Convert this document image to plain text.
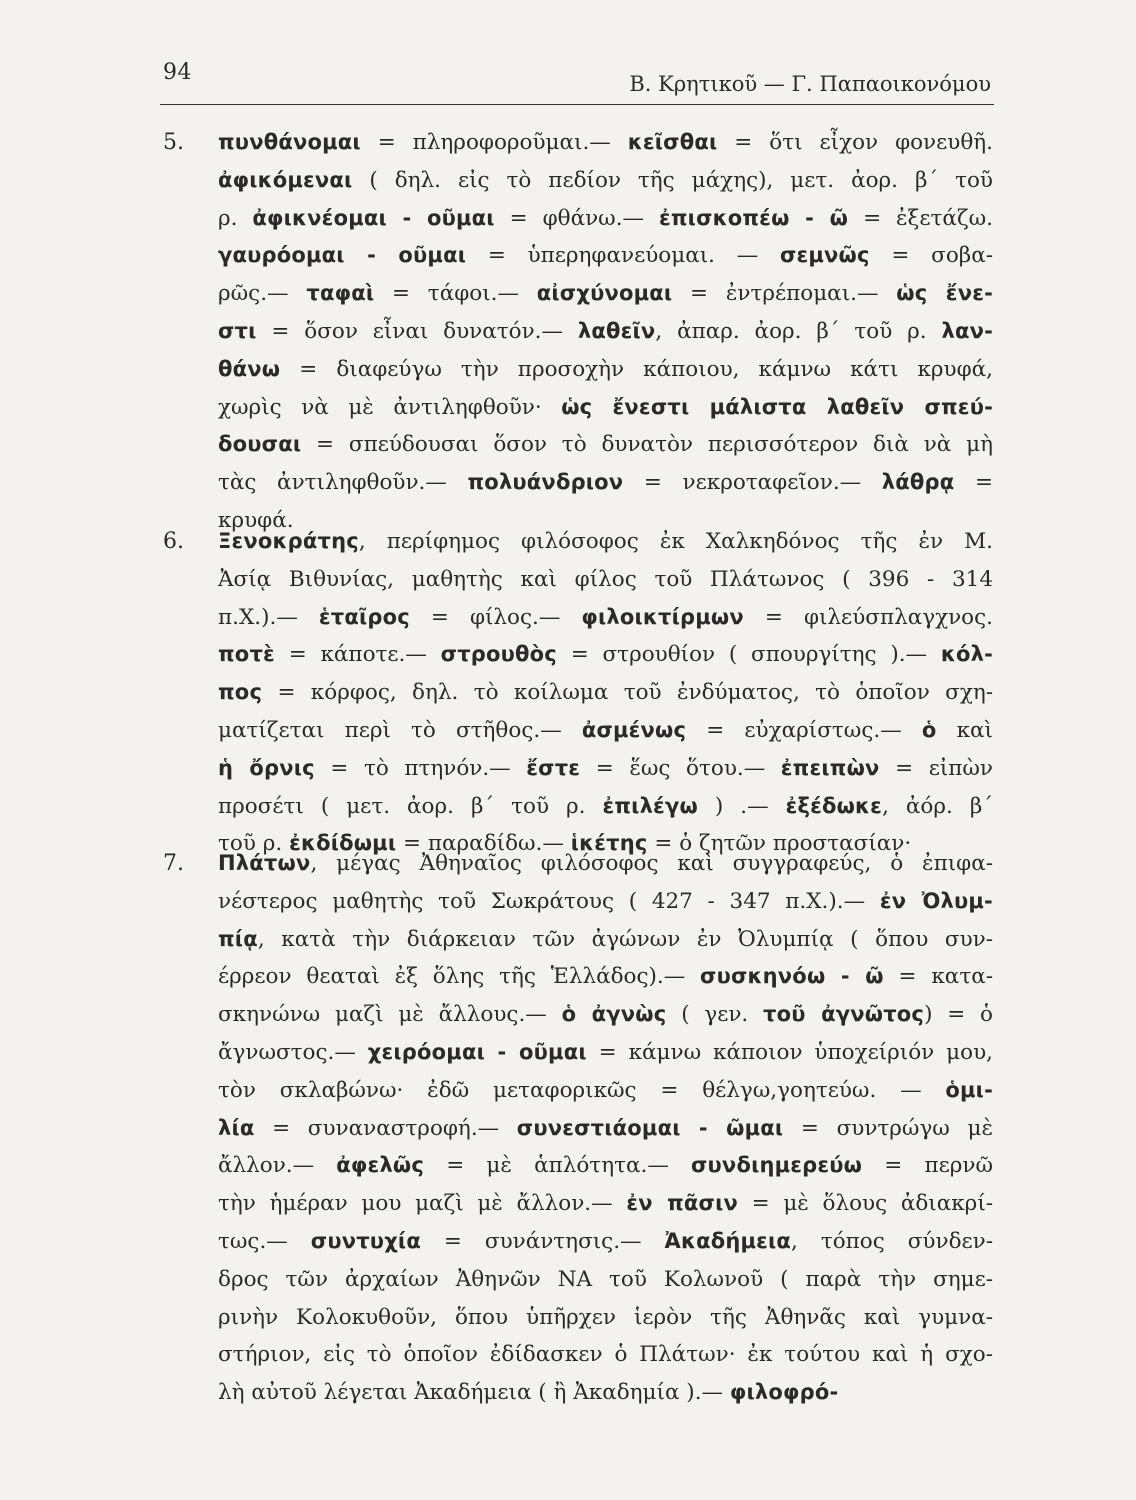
94	Β. Κρητικοῦ — Γ. Παπαοικονόμου
5. πυνθάνομαι = πληροφοροῦμαι.— κεῖσθαι = ὅτι εἶχον φονευθῆ.
ἀφικόμεναι ( δηλ. εἰς τὸ πεδίον τῆς μάχης), μετ. ἀορ. β΄ τοῦ
ρ. ἀφικνέομαι - οῦμαι = φθάνω.— ἐπισκοπέω - ῶ = ἐξετάζω.
γαυρόομαι - οῦμαι = ὑπερηφανεύομαι. — σεμνῶς = σοβα-
ρῶς.— ταφαὶ = τάφοι.— αἰσχύνομαι = ἐντρέπομαι.— ὡς ἔνε-
στι = ὅσον εἶναι δυνατόν.— λαθεῖν, ἀπαρ. ἀορ. β΄ τοῦ ρ. λαν-
θάνω = διαφεύγω τὴν προσοχὴν κάποιου, κάμνω κάτι κρυφά,
χωρὶς νὰ μὲ ἀντιληφθοῦν· ὡς ἔνεστι μάλιστα λαθεῖν σπεύ-
δουσαι = σπεύδουσαι ὅσον τὸ δυνατὸν περισσότερον διὰ νὰ μὴ
τὰς ἀντιληφθοῦν.— πολυάνδριον = νεκροταφεῖον.— λάθρᾳ =
κρυφά.
6. Ξενοκράτης, περίφημος φιλόσοφος ἐκ Χαλκηδόνος τῆς ἐν Μ.
Ἀσίᾳ Βιθυνίας, μαθητὴς καὶ φίλος τοῦ Πλάτωνος ( 396 - 314
π.Χ.).— ἑταῖρος = φίλος.— φιλοικτίρμων = φιλεύσπλαγχνος.
ποτὲ = κάποτε.— στρουθὸς = στρουθίον ( σπουργίτης ).— κόλ-
πος = κόρφος, δηλ. τὸ κοίλωμα τοῦ ἐνδύματος, τὸ ὁποῖον σχη-
ματίζεται περὶ τὸ στῆθος.— ἀσμένως = εὐχαρίστως.— ὁ καὶ
ἡ ὄρνις = τὸ πτηνόν.— ἔστε = ἕως ὅτου.— ἐπειπὼν = εἰπὼν
προσέτι ( μετ. ἀορ. β΄ τοῦ ρ. ἐπιλέγω ) .— ἐξέδωκε, ἀόρ. β΄
τοῦ ρ. ἐκδίδωμι = παραδίδω.— ἱκέτης = ὁ ζητῶν προστασίαν·
7. Πλάτων, μέγας Ἀθηναῖος φιλόσοφος καὶ συγγραφεύς, ὁ ἐπιφα-
νέστερος μαθητὴς τοῦ Σωκράτους ( 427 - 347 π.Χ.).— ἐν Ὀλυμ-
πίᾳ, κατὰ τὴν διάρκειαν τῶν ἀγώνων ἐν Ὀλυμπίᾳ ( ὅπου συν-
έρρεον θεαταὶ ἐξ ὅλης τῆς Ἑλλάδος).— συσκηνόω - ῶ = κατα-
σκηνώνω μαζὶ μὲ ἄλλους.— ὁ ἀγνὼς ( γεν. τοῦ ἀγνῶτος) = ὁ
ἄγνωστος.— χειρόομαι - οῦμαι = κάμνω κάποιον ὑποχείριόν μου,
τὸν σκλαβώνω· ἐδῶ μεταφορικῶς = θέλγω,γοητεύω. — ὁμι-
λία = συναναστροφή.— συνεστιάομαι - ῶμαι = συντρώγω μὲ
ἄλλον.— ἀφελῶς = μὲ ἁπλότητα.— συνδιημερεύω = περνῶ
τὴν ἡμέραν μου μαζὶ μὲ ἄλλον.— ἐν πᾶσιν = μὲ ὅλους ἀδιακρί-
τως.— συντυχία = συνάντησις.— Ἀκαδήμεια, τόπος σύνδεν-
δρος τῶν ἀρχαίων Ἀθηνῶν ΝΑ τοῦ Κολωνοῦ ( παρὰ τὴν σημε-
ρινὴν Κολοκυθοῦν, ὅπου ὑπῆρχεν ἱερὸν τῆς Ἀθηνᾶς καὶ γυμνα-
στήριον, εἰς τὸ ὁποῖον ἐδίδασκεν ὁ Πλάτων· ἐκ τούτου καὶ ἡ σχο-
λὴ αὐτοῦ λέγεται Ἀκαδήμεια ( ἢ Ἀκαδημία ).— φιλοφρό-
